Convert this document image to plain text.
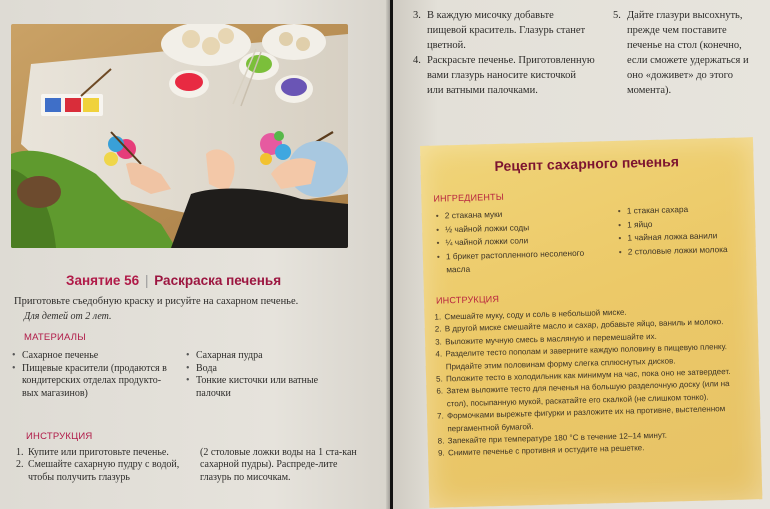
Занятие 56 | Раскраска печенья
Приготовьте съедобную краску и рисуйте на сахарном печенье.
Для детей от 2 лет.
МАТЕРИАЛЫ
• Сахарное печенье
• Пищевые красители (продаются в кондитерских отделах продукто-вых магазинов)
• Сахарная пудра
• Вода
• Тонкие кисточки или ватные палочки
ИНСТРУКЦИЯ
1. Купите или приготовьте печенье.
2. Смешайте сахарную пудру с водой, чтобы получить глазурь
(2 столовые ложки воды на 1 ста-кан сахарной пудры). Распреде-лите глазурь по мисочкам.
3. В каждую мисочку добавьте пищевой краситель. Глазурь станет цветной.
4. Раскрасьте печенье. Приготовленную вами глазурь наносите кисточкой или ватными палочками.
5. Дайте глазури высохнуть, прежде чем поставите печенье на стол (конечно, если сможете удержаться и оно «доживет» до этого момента).
Рецепт сахарного печенья
ИНГРЕДИЕНТЫ
• 2 стакана муки
• ½ чайной ложки соды
• ¼ чайной ложки соли
• 1 брикет растопленного несоленого масла
• 1 стакан сахара
• 1 яйцо
• 1 чайная ложка ванили
• 2 столовые ложки молока
ИНСТРУКЦИЯ
1. Смешайте муку, соду и соль в небольшой миске.
2. В другой миске смешайте масло и сахар, добавьте яйцо, ваниль и молоко.
3. Выложите мучную смесь в масляную и перемешайте их.
4. Разделите тесто пополам и заверните каждую половину в пищевую пленку. Придайте этим половинам форму слегка сплюснутых дисков.
5. Положите тесто в холодильник как минимум на час, пока оно не затвердеет.
6. Затем выложите тесто для печенья на большую разделочную доску (или на стол), посыпанную мукой, раскатайте его скалкой (не слишком тонко).
7. Формочками вырежьте фигурки и разложите их на противне, выстеленном пергаментной бумагой.
8. Запекайте при температуре 180 °С в течение 12–14 минут.
9. Снимите печенье с противня и остудите на решетке.
